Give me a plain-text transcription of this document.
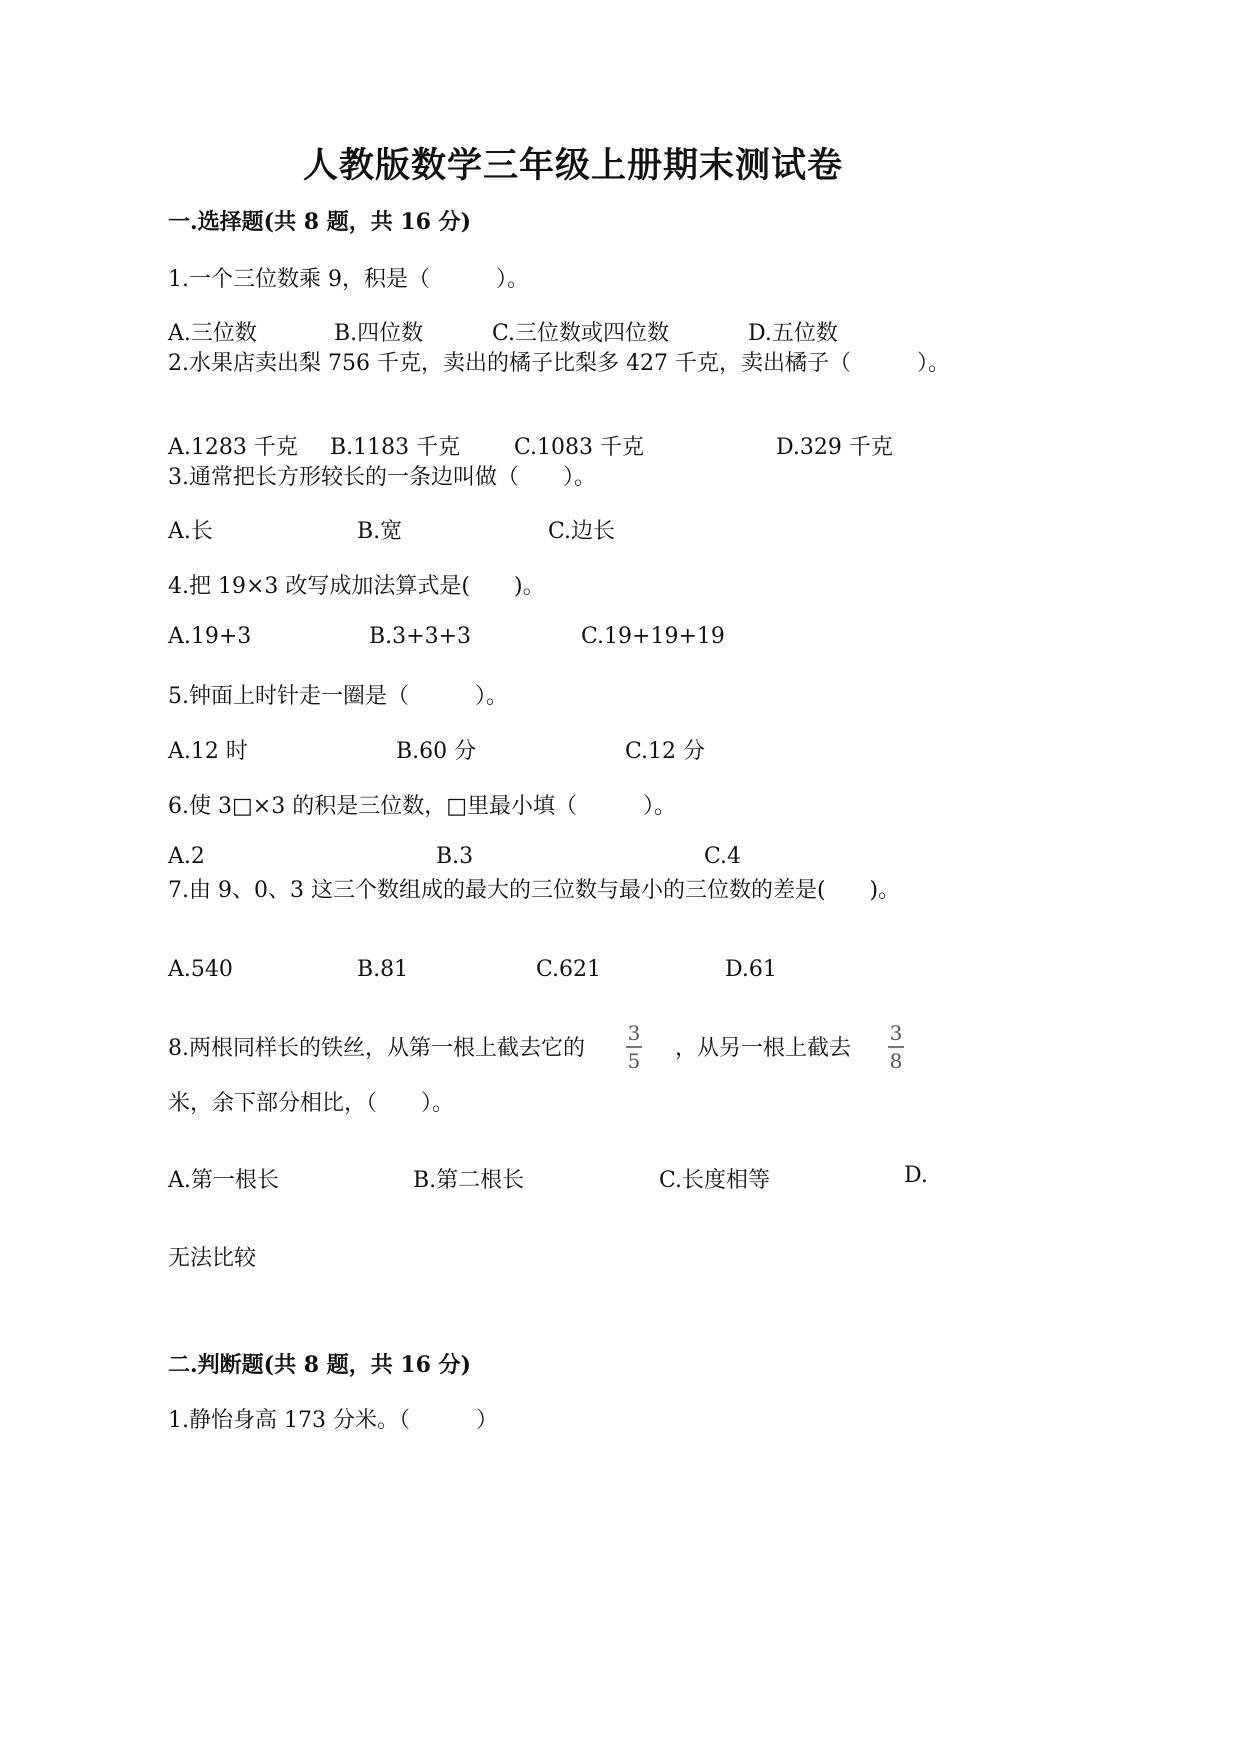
人教版数学三年级上册期末测试卷
一.选择题(共 8 题，共 16 分)
1.一个三位数乘 9，积是（　　　）。
A.三位数	B.四位数	C.三位数或四位数	D.五位数
2.水果店卖出梨 756 千克，卖出的橘子比梨多 427 千克，卖出橘子（　　　）。
A.1283 千克 B.1183 千克 C.1083 千克	D.329 千克
3.通常把长方形较长的一条边叫做（　　）。
A.长	B.宽	C.边长
4.把 19×3 改写成加法算式是(　　)。
A.19+3	B.3+3+3	C.19+19+19
5.钟面上时针走一圈是（　　　）。
A.12 时	B.60 分	C.12 分
6.使 3□×3 的积是三位数，□里最小填（　　　）。
A.2	B.3	C.4
7.由 9、0、3 这三个数组成的最大的三位数与最小的三位数的差是(　　)。
A.540	B.81	C.621	D.61
8.两根同样长的铁丝，从第一根上截去它的
3
5 ，从另一根上截去
3
8
米，余下部分相比，（　　）。
A.第一根长	B.第二根长	C.长度相等	D.
无法比较
二.判断题(共 8 题，共 16 分)
1.静怡身高 173 分米。（　　　）
